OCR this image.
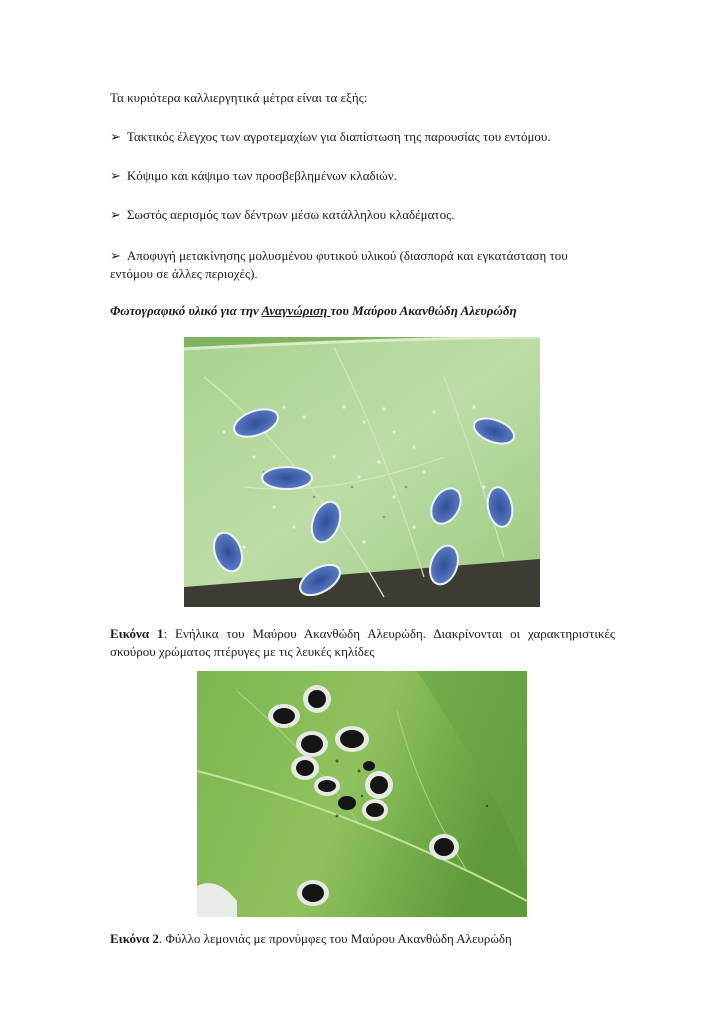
Τα κυριότερα καλλιεργητικά μέτρα είναι τα εξής:

➢ Τακτικός έλεγχος των αγροτεμαχίων για διαπίστωση της παρουσίας του εντόμου.

➢ Κόψιμο και κάψιμο των προσβεβλημένων κλαδιών.

➢ Σωστός αερισμός των δέντρων μέσω κατάλληλου κλαδέματος.

➢ Αποφυγή μετακίνησης μολυσμένου φυτικού υλικού (διασπορά και εγκατάσταση του εντόμου σε άλλες περιοχές).

Φωτογραφικό υλικό για την Αναγνώριση του Μαύρου Ακανθώδη Αλευρώδη

Εικόνα 1: Ενήλικα του Μαύρου Ακανθώδη Αλευρώδη. Διακρίνονται οι χαρακτηριστικές σκούρου χρώματος πτέρυγες με τις λευκές κηλίδες

Εικόνα 2. Φύλλο λεμονιάς με προνύμφες του Μαύρου Ακανθώδη Αλευρώδη
